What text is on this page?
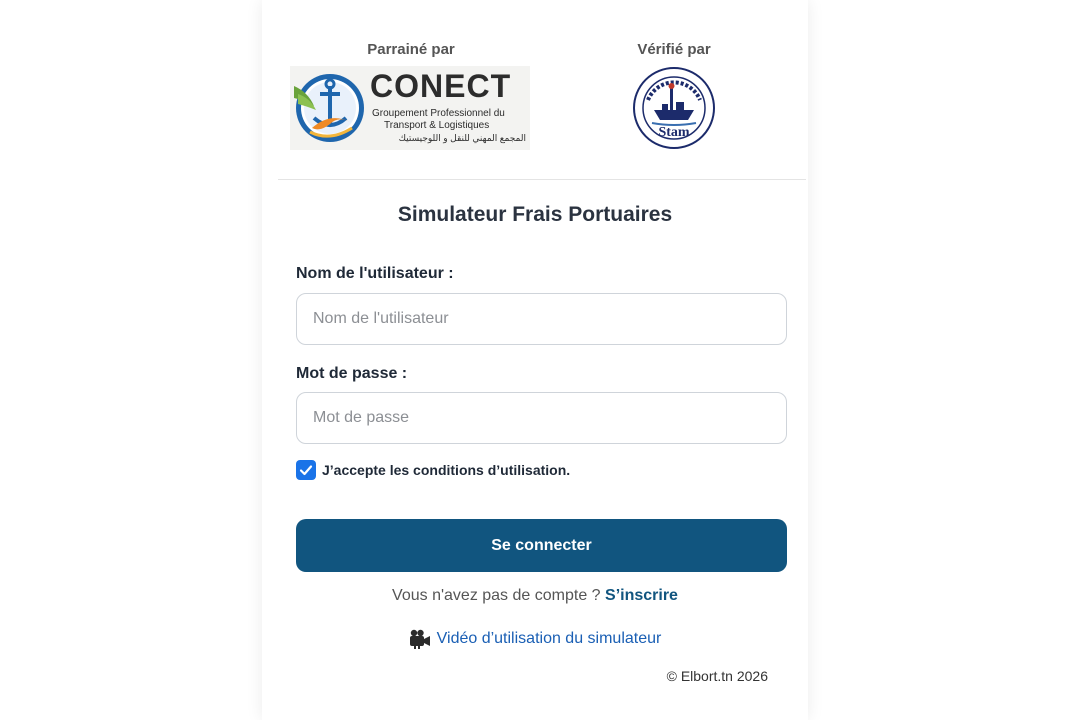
Parrainé par	Vérifié par
CONECT
Groupement Professionnel du
Transport & Logistiques
المجمع المهني للنقل و اللوجيستيك	Stam
Simulateur Frais Portuaires
Nom de l'utilisateur :
Nom de l'utilisateur
Mot de passe :
J’accepte les conditions d’utilisation.
Se connecter
Vous n'avez pas de compte ? S’inscrire
Vidéo d’utilisation du simulateur
© Elbort.tn 2026
